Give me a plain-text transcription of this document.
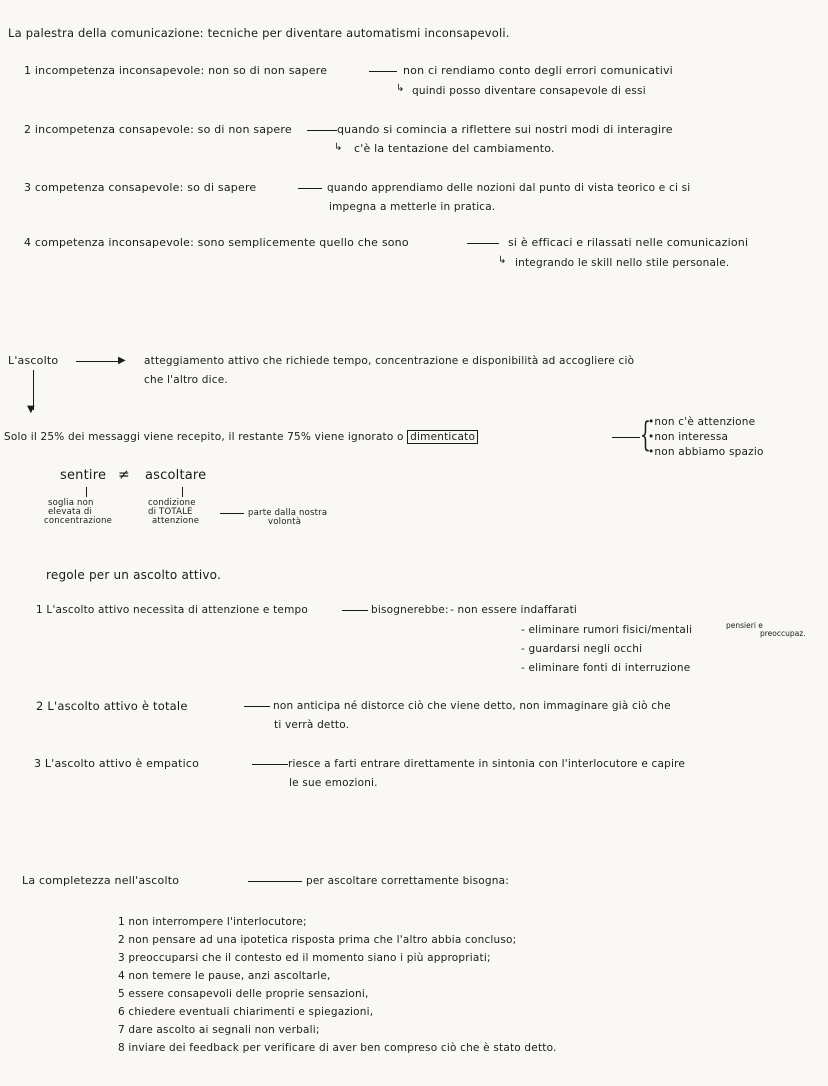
La palestra della comunicazione: tecniche per diventare automatismi inconsapevoli.
1 incompetenza inconsapevole: non so di non sapere	non ci rendiamo conto degli errori comunicativi
↳ quindi posso diventare consapevole di essi
2 incompetenza consapevole: so di non sapere	quando si comincia a riflettere sui nostri modi di interagire
↳ c'è la tentazione del cambiamento.
3 competenza consapevole: so di sapere	quando apprendiamo delle nozioni dal punto di vista teorico e ci si
impegna a metterle in pratica.
4 competenza inconsapevole: sono semplicemente quello che sono	si è efficaci e rilassati nelle comunicazioni
↳ integrando le skill nello stile personale.
L'ascolto	▶ atteggiamento attivo che richiede tempo, concentrazione e disponibilità ad accogliere ciò
che l'altro dice.
▼
Solo il 25% dei messaggi viene recepito, il restante 75% viene ignorato o dimenticato	{
•non c'è attenzione
•non interessa
•non abbiamo spazio
sentire ≠ ascoltare
soglia non
elevata di
concentrazione
condizione
di TOTALE
attenzione
parte dalla nostra
volontà
regole per un ascolto attivo.
1 L'ascolto attivo necessita di attenzione e tempo	bisognerebbe: - non essere indaffarati
- eliminare rumori fisici/mentali	pensieri e
preoccupaz.
- guardarsi negli occhi
- eliminare fonti di interruzione
2 L'ascolto attivo è totale	non anticipa né distorce ciò che viene detto, non immaginare già ciò che
ti verrà detto.
3 L'ascolto attivo è empatico	riesce a farti entrare direttamente in sintonia con l'interlocutore e capire
le sue emozioni.
La completezza nell'ascolto	per ascoltare correttamente bisogna:
1 non interrompere l'interlocutore;
2 non pensare ad una ipotetica risposta prima che l'altro abbia concluso;
3 preoccuparsi che il contesto ed il momento siano i più appropriati;
4 non temere le pause, anzi ascoltarle,
5 essere consapevoli delle proprie sensazioni,
6 chiedere eventuali chiarimenti e spiegazioni,
7 dare ascolto ai segnali non verbali;
8 inviare dei feedback per verificare di aver ben compreso ciò che è stato detto.
